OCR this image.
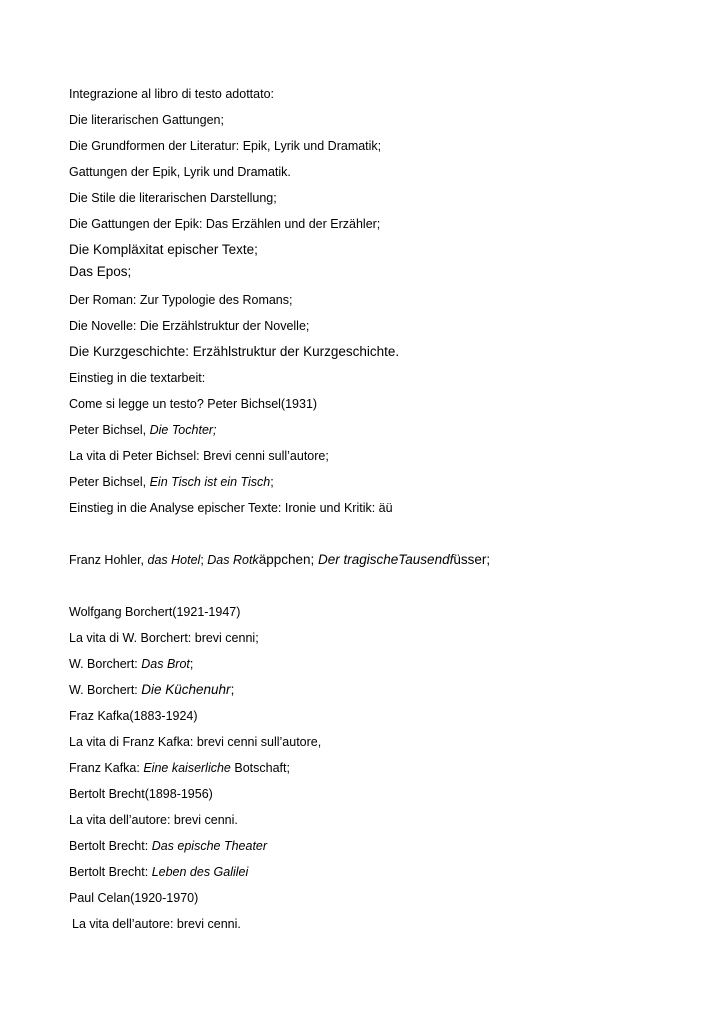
Integrazione al libro di testo adottato:
Die literarischen Gattungen;
Die Grundformen der Literatur: Epik, Lyrik und Dramatik;
Gattungen der Epik, Lyrik und Dramatik.
Die Stile die literarischen Darstellung;
Die Gattungen der Epik: Das Erzählen und der Erzähler;
Die Kompläxitat epischer Texte;
Das Epos;
Der Roman: Zur Typologie des Romans;
Die Novelle: Die Erzählstruktur der Novelle;
Die Kurzgeschichte: Erzählstruktur der Kurzgeschichte.
Einstieg in die textarbeit:
Come si legge un testo? Peter Bichsel(1931)
Peter Bichsel, Die Tochter;
La vita di Peter Bichsel: Brevi cenni sull’autore;
Peter Bichsel, Ein Tisch ist ein Tisch;
Einstieg in die Analyse epischer Texte: Ironie und Kritik: äü
Franz Hohler, das Hotel; Das Rotkäppchen; Der tragischeTausendfüsser;
Wolfgang Borchert(1921-1947)
La vita di W. Borchert: brevi cenni;
W. Borchert: Das Brot;
W. Borchert: Die Küchenuhr;
Fraz Kafka(1883-1924)
La vita di Franz Kafka: brevi cenni sull’autore,
Franz Kafka: Eine kaiserliche Botschaft;
Bertolt Brecht(1898-1956)
La vita dell’autore: brevi cenni.
Bertolt Brecht: Das epische Theater
Bertolt Brecht: Leben des Galilei
Paul Celan(1920-1970)
La vita dell’autore: brevi cenni.
